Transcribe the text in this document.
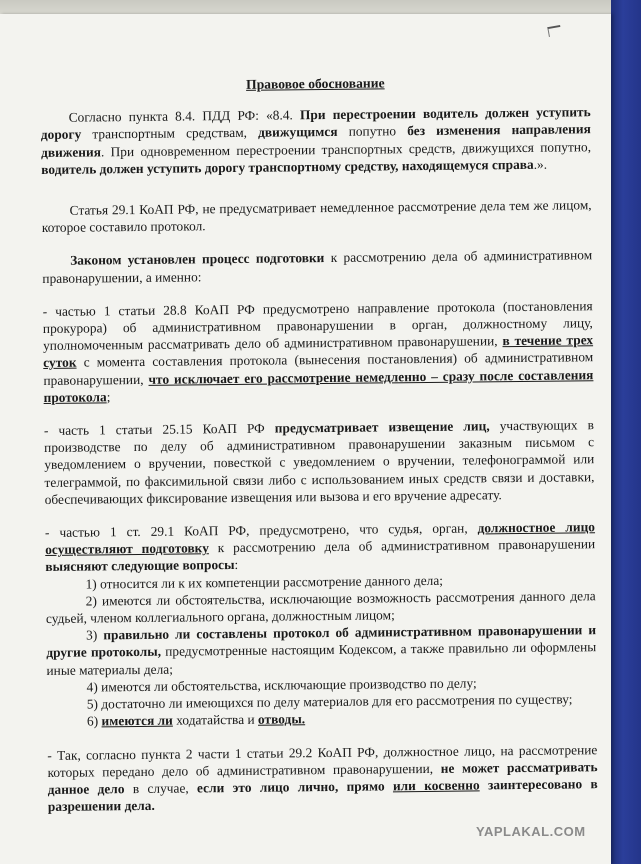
Правовое обоснование

Согласно пункта 8.4. ПДД РФ: «8.4. При перестроении водитель должен уступить дорогу транспортным средствам, движущимся попутно без изменения направления движения. При одновременном перестроении транспортных средств, движущихся попутно, водитель должен уступить дорогу транспортному средству, находящемуся справа.».

Статья 29.1 КоАП РФ, не предусматривает немедленное рассмотрение дела тем же лицом, которое составило протокол.

Законом установлен процесс подготовки к рассмотрению дела об административном правонарушении, а именно:

- частью 1 статьи 28.8 КоАП РФ предусмотрено направление протокола (постановления прокурора) об административном правонарушении в орган, должностному лицу, уполномоченным рассматривать дело об административном правонарушении, в течение трех суток с момента составления протокола (вынесения постановления) об административном правонарушении, что исключает его рассмотрение немедленно – сразу после составления протокола;

- часть 1 статьи 25.15 КоАП РФ предусматривает извещение лиц, участвующих в производстве по делу об административном правонарушении заказным письмом с уведомлением о вручении, повесткой с уведомлением о вручении, телефонограммой или телеграммой, по факсимильной связи либо с использованием иных средств связи и доставки, обеспечивающих фиксирование извещения или вызова и его вручение адресату.

- частью 1 ст. 29.1 КоАП РФ, предусмотрено, что судья, орган, должностное лицо осуществляют подготовку к рассмотрению дела об административном правонарушении выясняют следующие вопросы:

1) относится ли к их компетенции рассмотрение данного дела;

2) имеются ли обстоятельства, исключающие возможность рассмотрения данного дела судьей, членом коллегиального органа, должностным лицом;

3) правильно ли составлены протокол об административном правонарушении и другие протоколы, предусмотренные настоящим Кодексом, а также правильно ли оформлены иные материалы дела;

4) имеются ли обстоятельства, исключающие производство по делу;

5) достаточно ли имеющихся по делу материалов для его рассмотрения по существу;

6) имеются ли ходатайства и отводы.

- Так, согласно пункта 2 части 1 статьи 29.2 КоАП РФ, должностное лицо, на рассмотрение которых передано дело об административном правонарушении, не может рассматривать данное дело в случае, если это лицо лично, прямо или косвенно заинтересовано в разрешении дела.

YAPLAKAL.COM
